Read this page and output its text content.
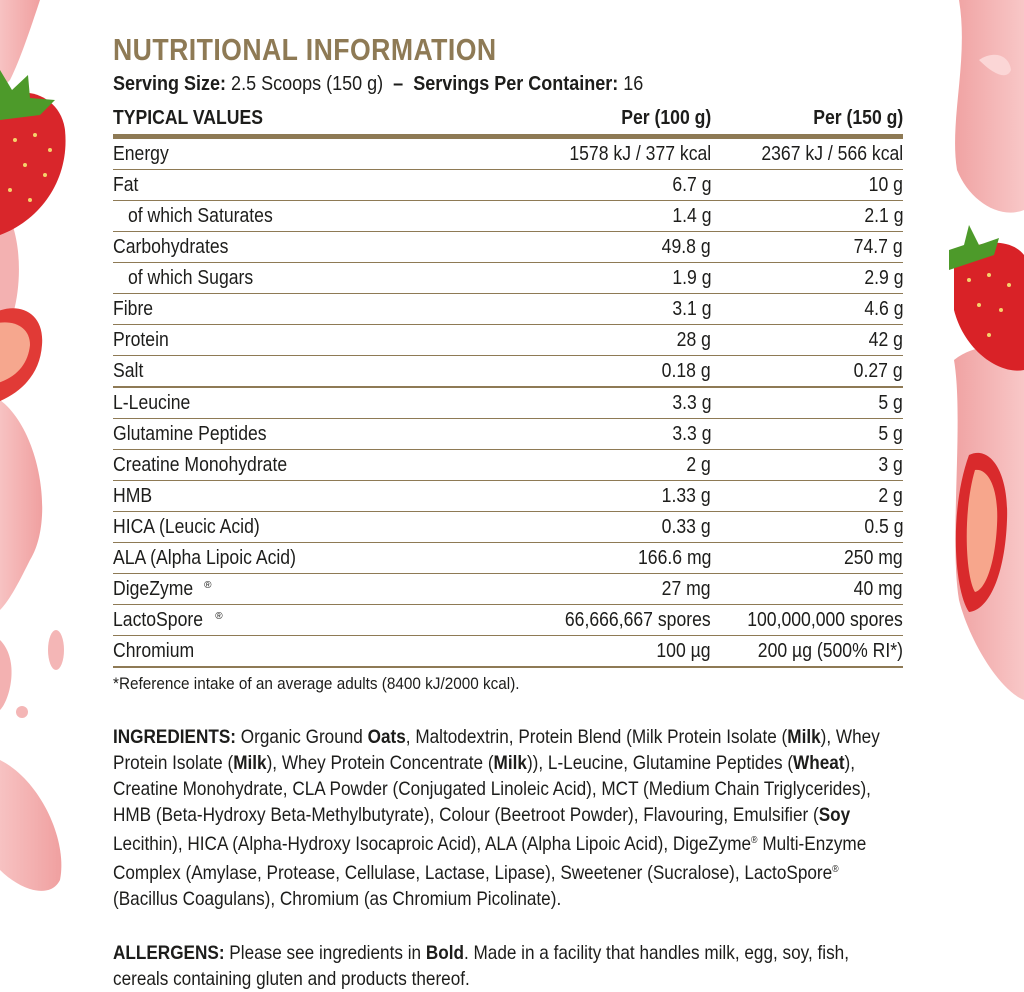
NUTRITIONAL INFORMATION
Serving Size: 2.5 Scoops (150 g) – Servings Per Container: 16
TYPICAL VALUES	Per (100 g)	Per (150 g)
Energy	1578 kJ / 377 kcal	2367 kJ / 566 kcal
Fat	6.7 g	10 g
of which Saturates	1.4 g	2.1 g
Carbohydrates	49.8 g	74.7 g
of which Sugars	1.9 g	2.9 g
Fibre	3.1 g	4.6 g
Protein	28 g	42 g
Salt	0.18 g	0.27 g
L-Leucine	3.3 g	5 g
Glutamine Peptides	3.3 g	5 g
Creatine Monohydrate	2 g	3 g
HMB	1.33 g	2 g
HICA (Leucic Acid)	0.33 g	0.5 g
ALA (Alpha Lipoic Acid)	166.6 mg	250 mg
DigeZyme ®	27 mg	40 mg
LactoSpore ®	66,666,667 spores	100,000,000 spores
Chromium	100 µg	200 µg (500% RI*)
*Reference intake of an average adults (8400 kJ/2000 kcal).
INGREDIENTS: Organic Ground Oats, Maltodextrin, Protein Blend (Milk Protein Isolate (Milk), Whey Protein Isolate (Milk), Whey Protein Concentrate (Milk)), L-Leucine, Glutamine Peptides (Wheat), Creatine Monohydrate, CLA Powder (Conjugated Linoleic Acid), MCT (Medium Chain Triglycerides), HMB (Beta-Hydroxy Beta-Methylbutyrate), Colour (Beetroot Powder), Flavouring, Emulsifier (Soy Lecithin), HICA (Alpha-Hydroxy Isocaproic Acid), ALA (Alpha Lipoic Acid), DigeZyme® Multi-Enzyme Complex (Amylase, Protease, Cellulase, Lactase, Lipase), Sweetener (Sucralose), LactoSpore® (Bacillus Coagulans), Chromium (as Chromium Picolinate).
ALLERGENS: Please see ingredients in Bold. Made in a facility that handles milk, egg, soy, fish, cereals containing gluten and products thereof.
